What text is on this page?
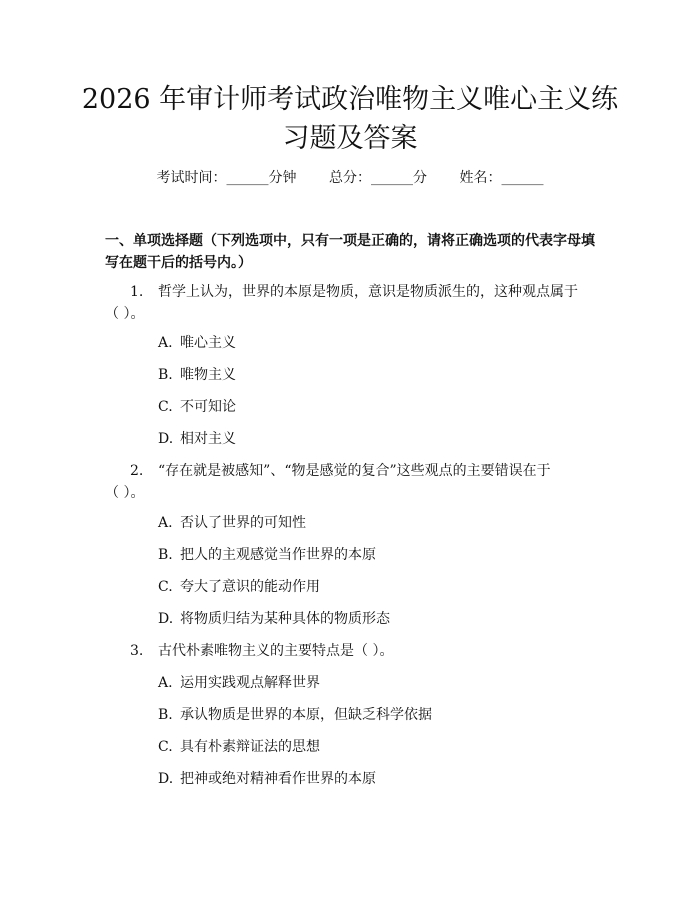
2026 年审计师考试政治唯物主义唯心主义练
习题及答案
考试时间：______分钟 总分：______分 姓名：______
一、单项选择题（下列选项中，只有一项是正确的，请将正确选项的代表字母填写在题干后的括号内。）
1. 哲学上认为，世界的本原是物质，意识是物质派生的，这种观点属于
（ ）。
A. 唯心主义
B. 唯物主义
C. 不可知论
D. 相对主义
2. “存在就是被感知”、“物是感觉的复合”这些观点的主要错误在于
（ ）。
A. 否认了世界的可知性
B. 把人的主观感觉当作世界的本原
C. 夸大了意识的能动作用
D. 将物质归结为某种具体的物质形态
3. 古代朴素唯物主义的主要特点是（ ）。
A. 运用实践观点解释世界
B. 承认物质是世界的本原，但缺乏科学依据
C. 具有朴素辩证法的思想
D. 把神或绝对精神看作世界的本原
